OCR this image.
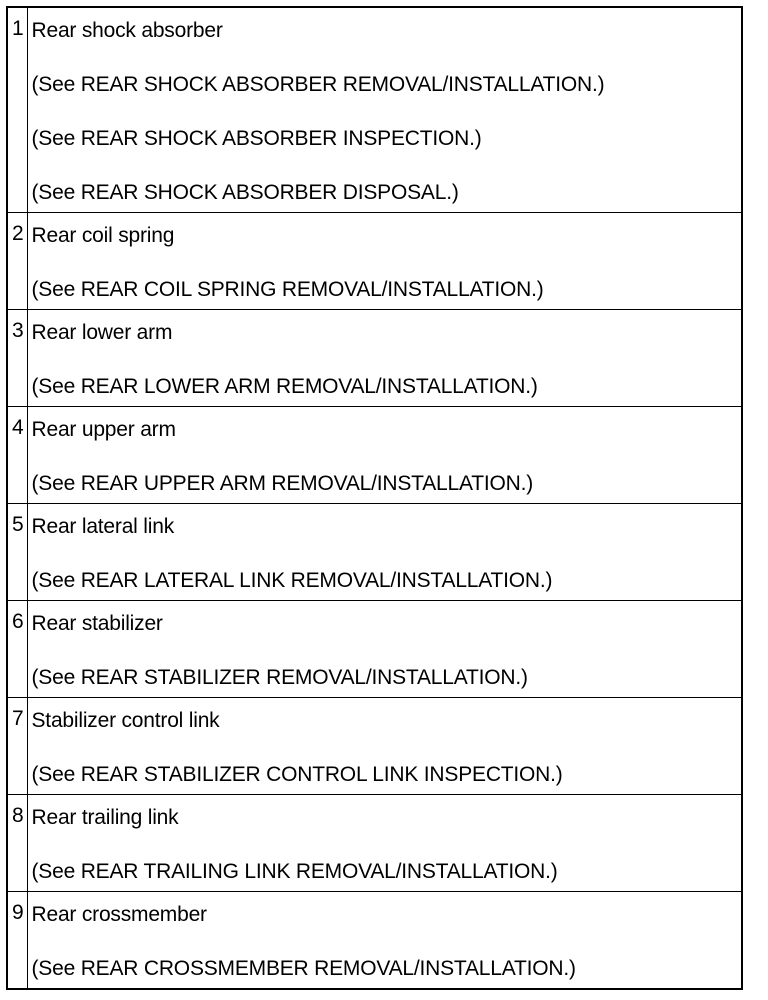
1	Rear shock absorber
(See REAR SHOCK ABSORBER REMOVAL/INSTALLATION.)
(See REAR SHOCK ABSORBER INSPECTION.)
(See REAR SHOCK ABSORBER DISPOSAL.)

2	Rear coil spring
(See REAR COIL SPRING REMOVAL/INSTALLATION.)

3	Rear lower arm
(See REAR LOWER ARM REMOVAL/INSTALLATION.)

4	Rear upper arm
(See REAR UPPER ARM REMOVAL/INSTALLATION.)

5	Rear lateral link
(See REAR LATERAL LINK REMOVAL/INSTALLATION.)

6	Rear stabilizer
(See REAR STABILIZER REMOVAL/INSTALLATION.)

7	Stabilizer control link
(See REAR STABILIZER CONTROL LINK INSPECTION.)

8	Rear trailing link
(See REAR TRAILING LINK REMOVAL/INSTALLATION.)

9	Rear crossmember
(See REAR CROSSMEMBER REMOVAL/INSTALLATION.)
